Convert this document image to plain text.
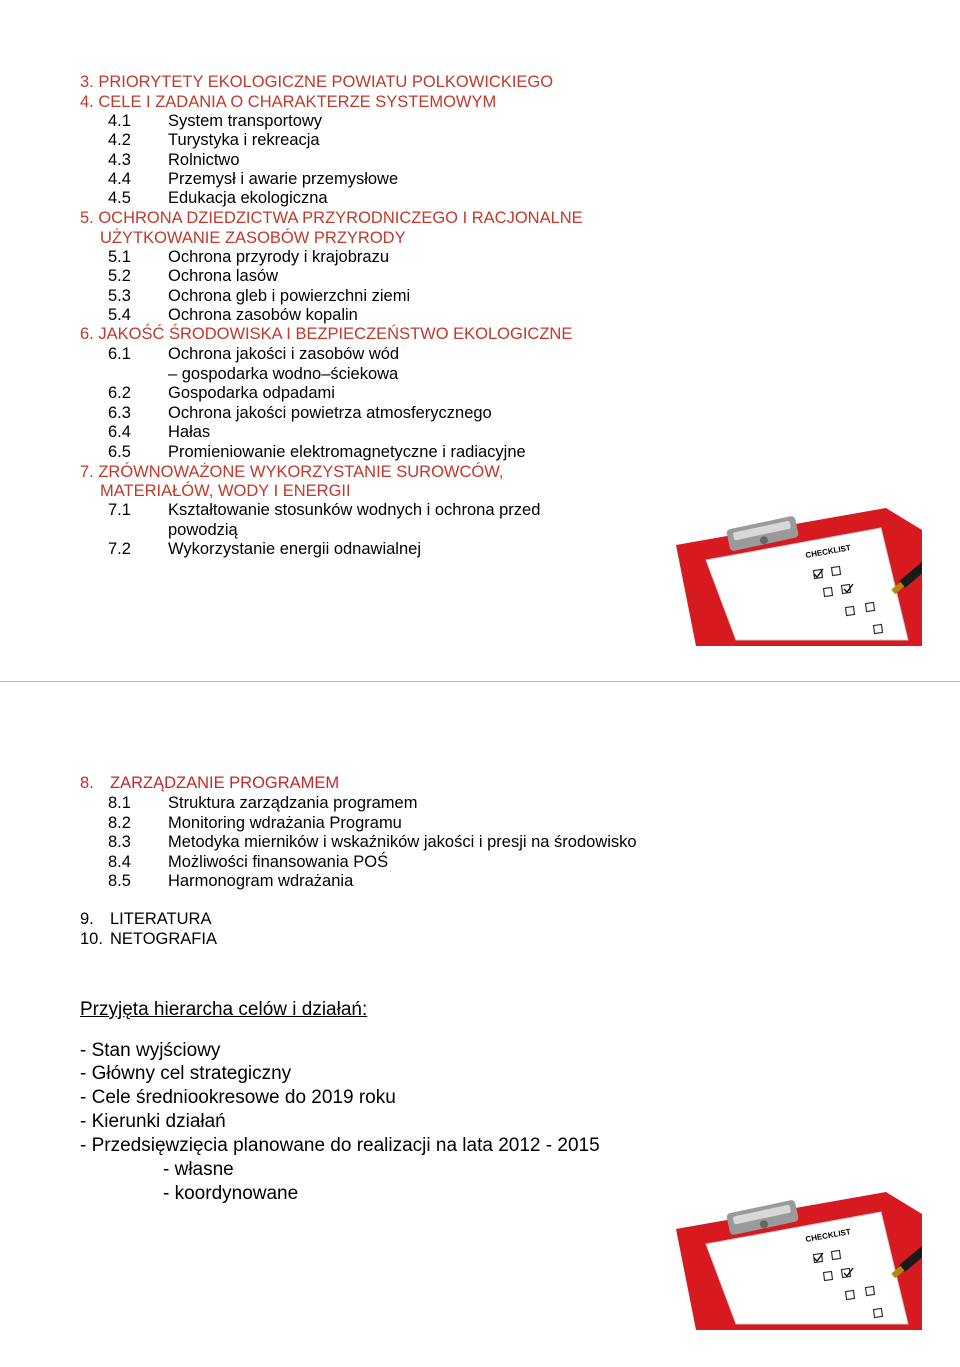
3. PRIORYTETY EKOLOGICZNE POWIATU POLKOWICKIEGO
4. CELE I ZADANIA O CHARAKTERZE SYSTEMOWYM
4.1 System transportowy
4.2 Turystyka i rekreacja
4.3 Rolnictwo
4.4 Przemysł i awarie przemysłowe
4.5 Edukacja ekologiczna
5. OCHRONA DZIEDZICTWA PRZYRODNICZEGO I RACJONALNE
UŻYTKOWANIE ZASOBÓW PRZYRODY
5.1 Ochrona przyrody i krajobrazu
5.2 Ochrona lasów
5.3 Ochrona gleb i powierzchni ziemi
5.4 Ochrona zasobów kopalin
6. JAKOŚĆ ŚRODOWISKA I BEZPIECZEŃSTWO EKOLOGICZNE
6.1 Ochrona jakości i zasobów wód
– gospodarka wodno–ściekowa
6.2 Gospodarka odpadami
6.3 Ochrona jakości powietrza atmosferycznego
6.4 Hałas
6.5 Promieniowanie elektromagnetyczne i radiacyjne
7. ZRÓWNOWAŻONE WYKORZYSTANIE SUROWCÓW,
MATERIAŁÓW, WODY I ENERGII
7.1 Kształtowanie stosunków wodnych i ochrona przed
powodzią
7.2 Wykorzystanie energii odnawialnej	CHECKLIST
8. ZARZĄDZANIE PROGRAMEM
8.1 Struktura zarządzania programem
8.2 Monitoring wdrażania Programu
8.3 Metodyka mierników i wskaźników jakości i presji na środowisko
8.4 Możliwości finansowania POŚ
8.5 Harmonogram wdrażania
9. LITERATURA
10. NETOGRAFIA
Przyjęta hierarcha celów i działań:
- Stan wyjściowy
- Główny cel strategiczny
- Cele średniookresowe do 2019 roku
- Kierunki działań
- Przedsięwzięcia planowane do realizacji na lata 2012 - 2015
- własne
- koordynowane
CHECKLIST
